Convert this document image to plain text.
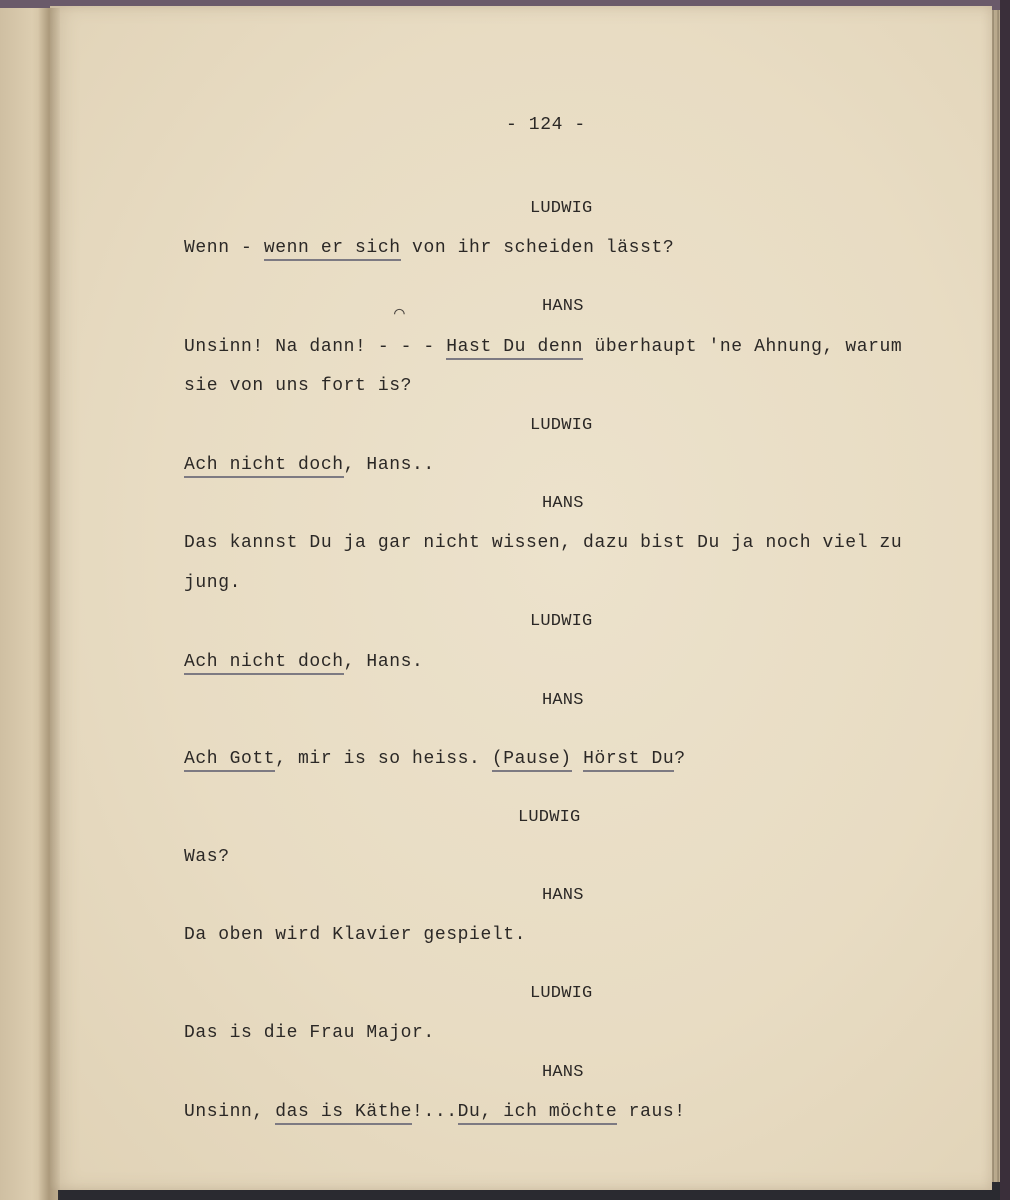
- 124 -
⌒
LUDWIG
Wenn - wenn er sich von ihr scheiden lässt?
HANS
Unsinn! Na dann! - - - Hast Du denn überhaupt 'ne Ahnung, warum
sie von uns fort is?
LUDWIG
Ach nicht doch, Hans..
HANS
Das kannst Du ja gar nicht wissen, dazu bist Du ja noch viel zu
jung.
LUDWIG
Ach nicht doch, Hans.
HANS
Ach Gott, mir is so heiss. (Pause) Hörst Du?
LUDWIG
Was?
HANS
Da oben wird Klavier gespielt.
LUDWIG
Das is die Frau Major.
HANS
Unsinn, das is Käthe!...Du, ich möchte raus!
